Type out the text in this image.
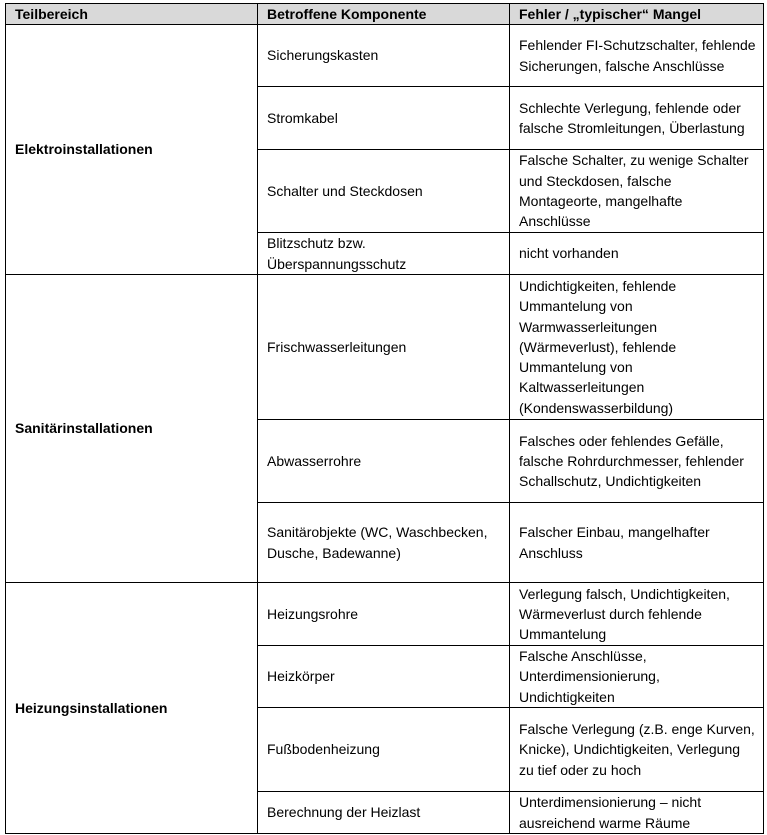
Teilbereich	Betroffene Komponente	Fehler / „typischer“ Mangel
Elektroinstallationen	Sicherungskasten	Fehlender FI-Schutzschalter, fehlende Sicherungen, falsche Anschlüsse
	Stromkabel	Schlechte Verlegung, fehlende oder falsche Stromleitungen, Überlastung
	Schalter und Steckdosen	Falsche Schalter, zu wenige Schalter und Steckdosen, falsche Montageorte, mangelhafte Anschlüsse
	Blitzschutz bzw. Überspannungsschutz	nicht vorhanden
Sanitärinstallationen	Frischwasserleitungen	Undichtigkeiten, fehlende Ummantelung von Warmwasserleitungen (Wärmeverlust), fehlende Ummantelung von Kaltwasserleitungen (Kondenswasserbildung)
	Abwasserrohre	Falsches oder fehlendes Gefälle, falsche Rohrdurchmesser, fehlender Schallschutz, Undichtigkeiten
	Sanitärobjekte (WC, Waschbecken, Dusche, Badewanne)	Falscher Einbau, mangelhafter Anschluss
Heizungsinstallationen	Heizungsrohre	Verlegung falsch, Undichtigkeiten, Wärmeverlust durch fehlende Ummantelung
	Heizkörper	Falsche Anschlüsse, Unterdimensionierung, Undichtigkeiten
	Fußbodenheizung	Falsche Verlegung (z.B. enge Kurven, Knicke), Undichtigkeiten, Verlegung zu tief oder zu hoch
	Berechnung der Heizlast	Unterdimensionierung – nicht ausreichend warme Räume
